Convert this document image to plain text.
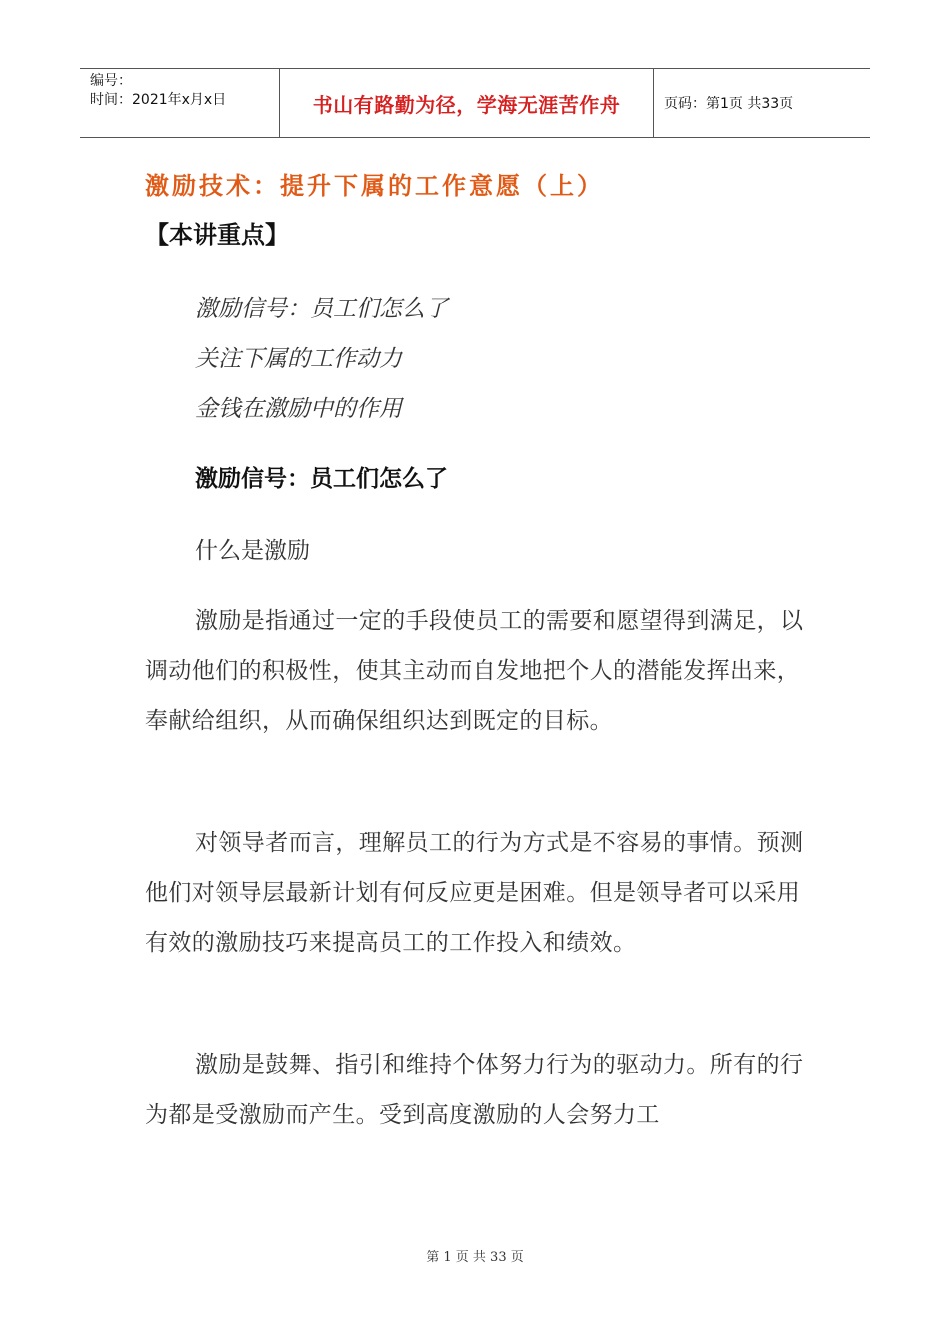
编号：
时间：2021年x月x日	书山有路勤为径，学海无涯苦作舟	页码：第1页 共33页
激励技术：提升下属的工作意愿（上）
【本讲重点】
激励信号：员工们怎么了
关注下属的工作动力
金钱在激励中的作用
激励信号：员工们怎么了
什么是激励
激励是指通过一定的手段使员工的需要和愿望得到满足，以调动他们的积极性，使其主动而自发地把个人的潜能发挥出来，奉献给组织，从而确保组织达到既定的目标。
对领导者而言，理解员工的行为方式是不容易的事情。预测他们对领导层最新计划有何反应更是困难。但是领导者可以采用有效的激励技巧来提高员工的工作投入和绩效。
激励是鼓舞、指引和维持个体努力行为的驱动力。所有的行为都是受激励而产生。受到高度激励的人会努力工
第 1 页 共 33 页
